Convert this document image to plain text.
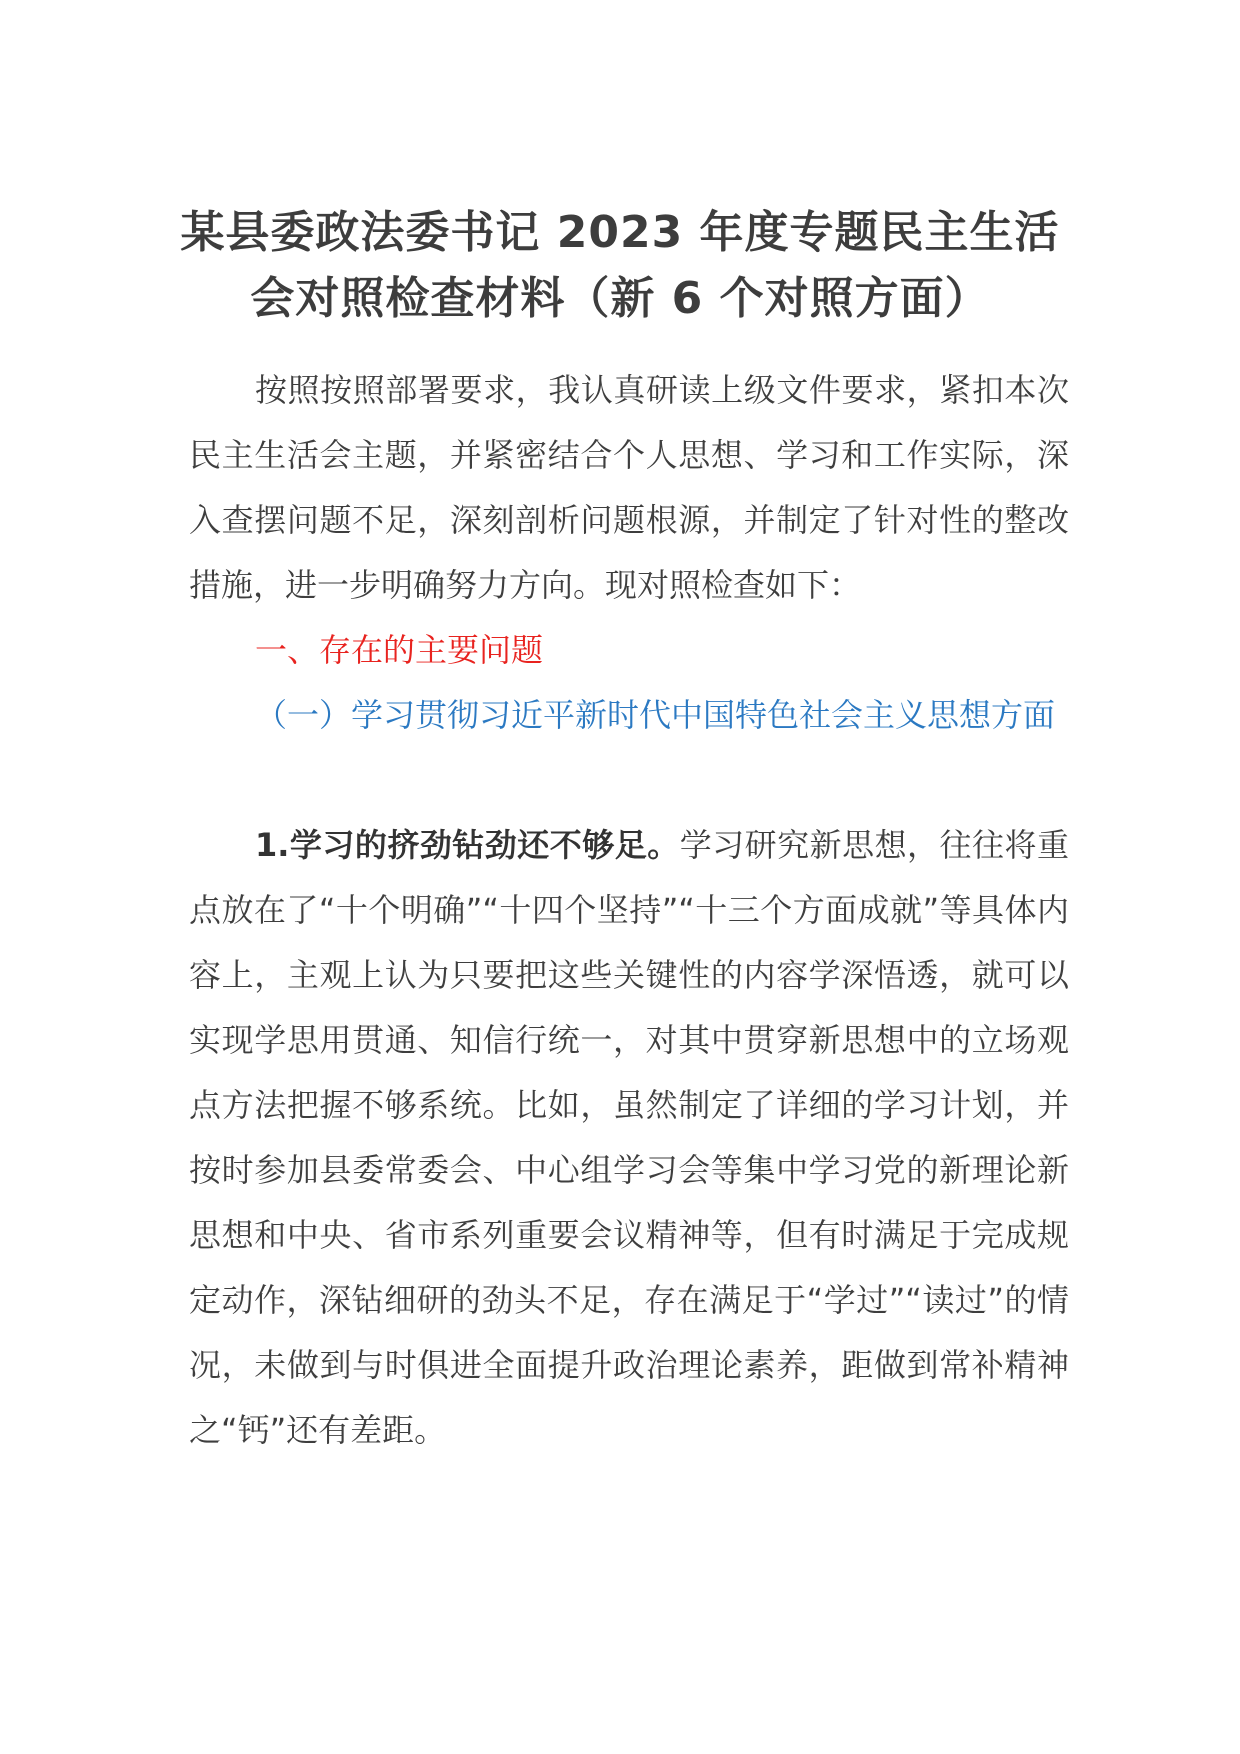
某县委政法委书记 2023 年度专题民主生活
会对照检查材料（新 6 个对照方面）

按照按照部署要求，我认真研读上级文件要求，紧扣本次民主生活会主题，并紧密结合个人思想、学习和工作实际，深入查摆问题不足，深刻剖析问题根源，并制定了针对性的整改措施，进一步明确努力方向。现对照检查如下：

一、存在的主要问题

（一）学习贯彻习近平新时代中国特色社会主义思想方面

1.学习的挤劲钻劲还不够足。学习研究新思想，往往将重点放在了“十个明确”“十四个坚持”“十三个方面成就”等具体内容上，主观上认为只要把这些关键性的内容学深悟透，就可以实现学思用贯通、知信行统一，对其中贯穿新思想中的立场观点方法把握不够系统。比如，虽然制定了详细的学习计划，并按时参加县委常委会、中心组学习会等集中学习党的新理论新思想和中央、省市系列重要会议精神等，但有时满足于完成规定动作，深钻细研的劲头不足，存在满足于“学过”“读过”的情况，未做到与时俱进全面提升政治理论素养，距做到常补精神之“钙”还有差距。
